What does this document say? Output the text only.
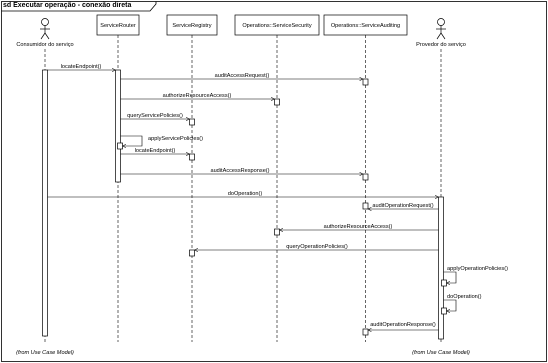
sd Executar operação - conexão direta
Consumidor do serviço	Provedor do serviço
ServiceRouter	ServiceRegistry	Operations::ServiceSecurity	Operations::ServiceAuditing
locateEndpoint()
auditAccessRequest()
authorizeResourceAccess()
queryServicePolicies()
applyServicePolicies()
locateEndpoint()
auditAccessResponse()
doOperation()
auditOperationRequest()
authorizeResourceAccess()
queryOperationPolicies()
applyOperationPolicies()
doOperation()
auditOperationResponse()
(from Use Case Model)	(from Use Case Model)
